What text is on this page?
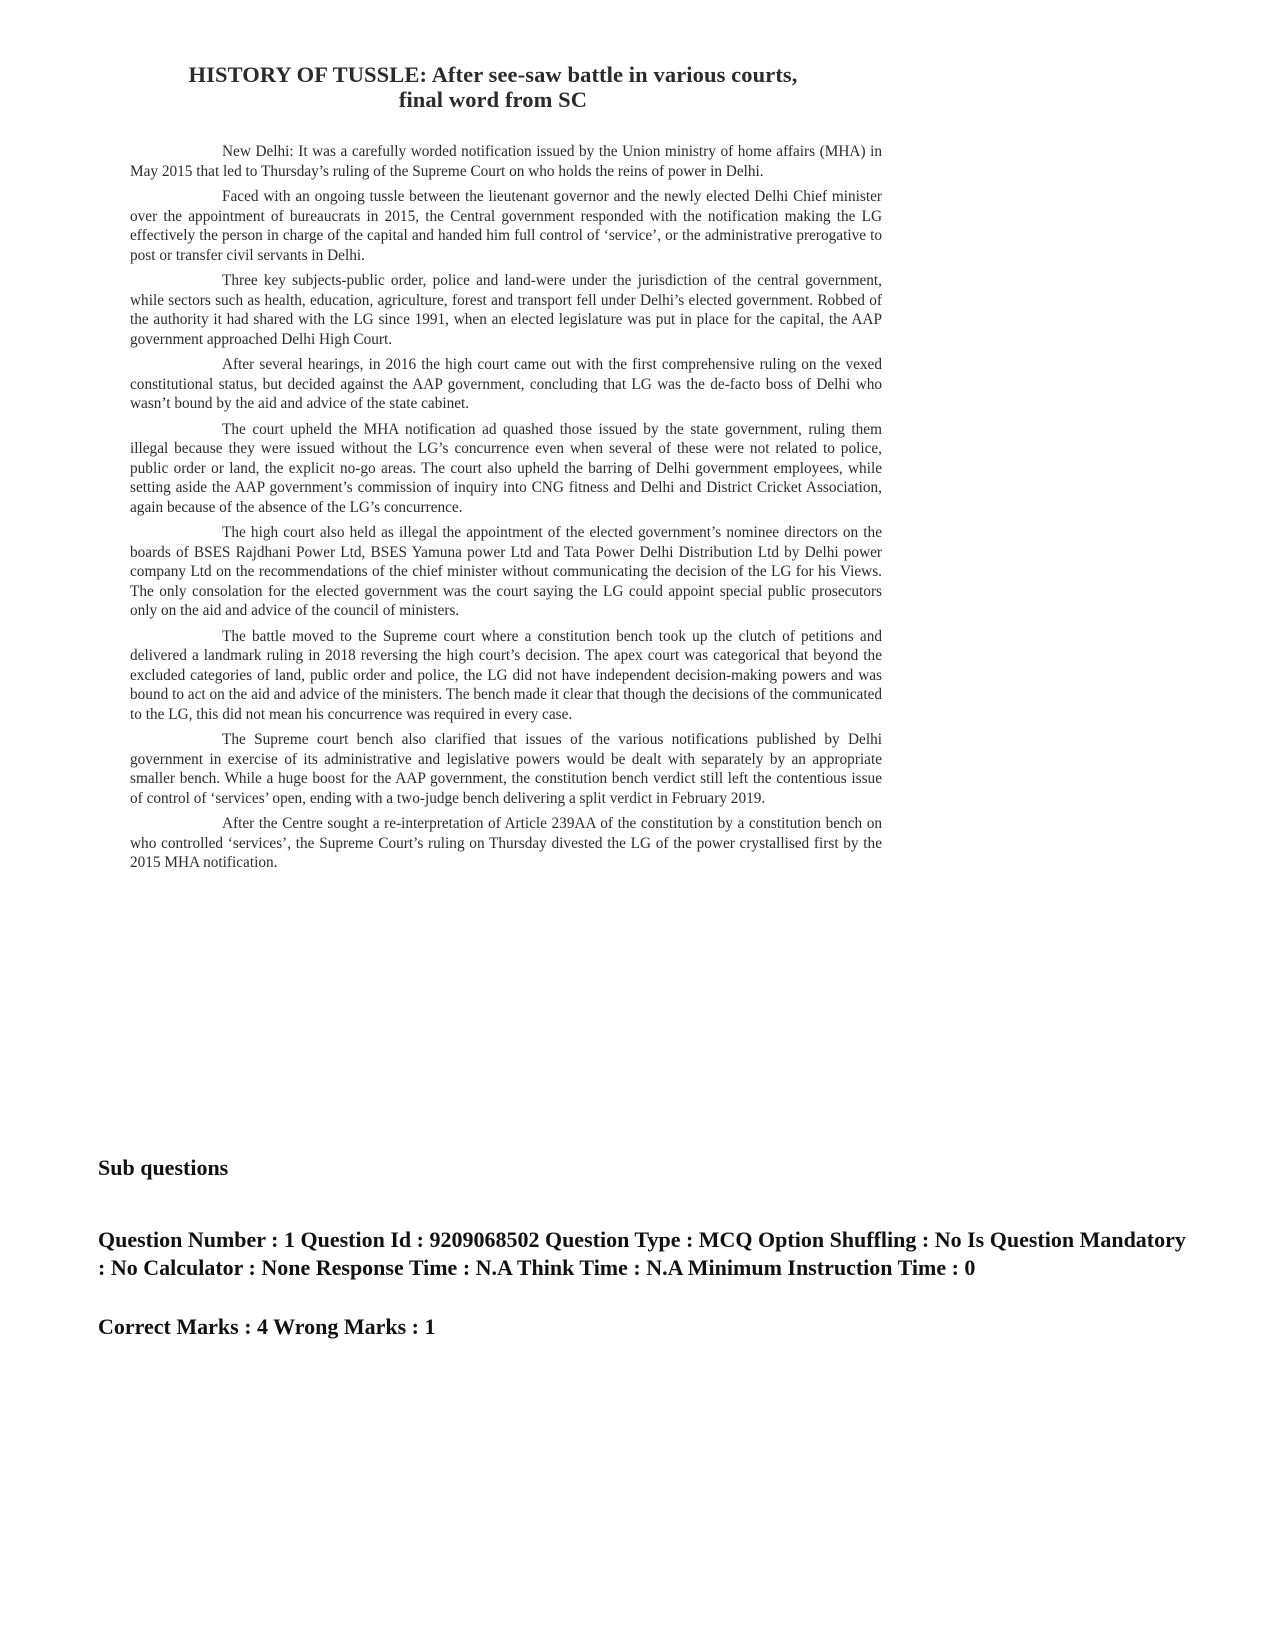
HISTORY OF TUSSLE: After see-saw battle in various courts,
final word from SC

New Delhi: It was a carefully worded notification issued by the Union ministry of home affairs (MHA) in May 2015 that led to Thursday’s ruling of the Supreme Court on who holds the reins of power in Delhi.

Faced with an ongoing tussle between the lieutenant governor and the newly elected Delhi Chief minister over the appointment of bureaucrats in 2015, the Central government responded with the notification making the LG effectively the person in charge of the capital and handed him full control of ‘service’, or the administrative prerogative to post or transfer civil servants in Delhi.

Three key subjects-public order, police and land-were under the jurisdiction of the central government, while sectors such as health, education, agriculture, forest and transport fell under Delhi’s elected government. Robbed of the authority it had shared with the LG since 1991, when an elected legislature was put in place for the capital, the AAP government approached Delhi High Court.

After several hearings, in 2016 the high court came out with the first comprehensive ruling on the vexed constitutional status, but decided against the AAP government, concluding that LG was the de-facto boss of Delhi who wasn’t bound by the aid and advice of the state cabinet.

The court upheld the MHA notification ad quashed those issued by the state government, ruling them illegal because they were issued without the LG’s concurrence even when several of these were not related to police, public order or land, the explicit no-go areas. The court also upheld the barring of Delhi government employees, while setting aside the AAP government’s commission of inquiry into CNG fitness and Delhi and District Cricket Association, again because of the absence of the LG’s concurrence.

The high court also held as illegal the appointment of the elected government’s nominee directors on the boards of BSES Rajdhani Power Ltd, BSES Yamuna power Ltd and Tata Power Delhi Distribution Ltd by Delhi power company Ltd on the recommendations of the chief minister without communicating the decision of the LG for his Views. The only consolation for the elected government was the court saying the LG could appoint special public prosecutors only on the aid and advice of the council of ministers.

The battle moved to the Supreme court where a constitution bench took up the clutch of petitions and delivered a landmark ruling in 2018 reversing the high court’s decision. The apex court was categorical that beyond the excluded categories of land, public order and police, the LG did not have independent decision-making powers and was bound to act on the aid and advice of the ministers. The bench made it clear that though the decisions of the communicated to the LG, this did not mean his concurrence was required in every case.

The Supreme court bench also clarified that issues of the various notifications published by Delhi government in exercise of its administrative and legislative powers would be dealt with separately by an appropriate smaller bench. While a huge boost for the AAP government, the constitution bench verdict still left the contentious issue of control of ‘services’ open, ending with a two-judge bench delivering a split verdict in February 2019.

After the Centre sought a re-interpretation of Article 239AA of the constitution by a constitution bench on who controlled ‘services’, the Supreme Court’s ruling on Thursday divested the LG of the power crystallised first by the 2015 MHA notification.

Sub questions
Question Number : 1 Question Id : 9209068502 Question Type : MCQ Option Shuffling : No Is Question Mandatory : No Calculator : None Response Time : N.A Think Time : N.A Minimum Instruction Time : 0
Correct Marks : 4 Wrong Marks : 1
